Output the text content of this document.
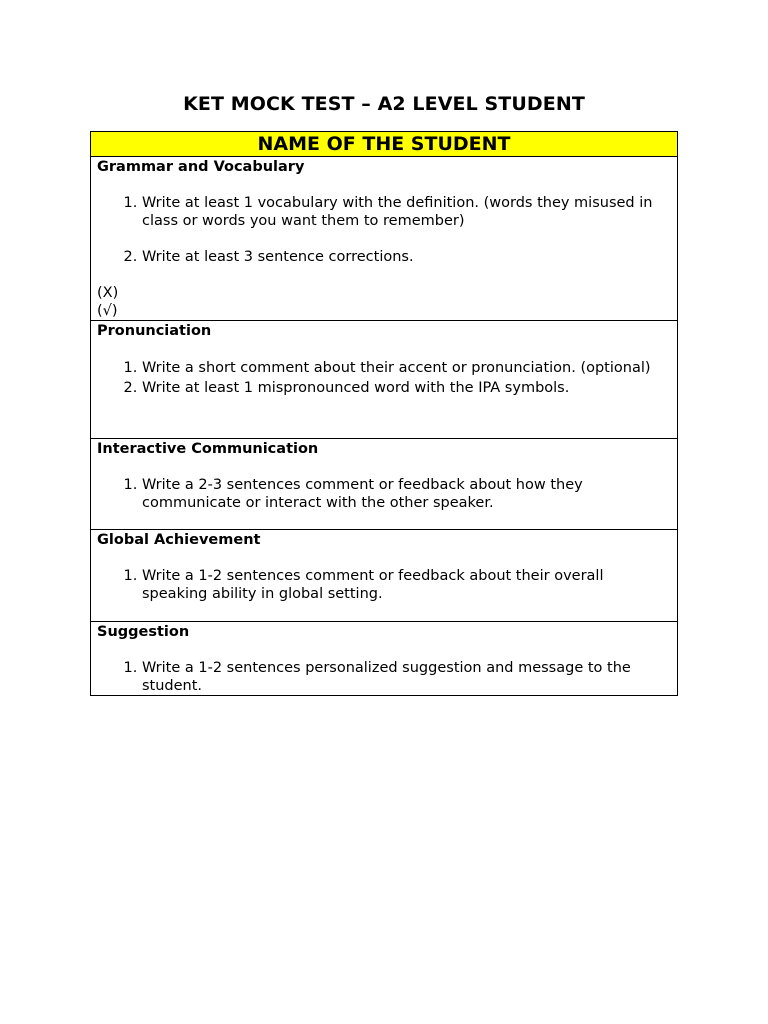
KET MOCK TEST – A2 LEVEL STUDENT
NAME OF THE STUDENT

Grammar and Vocabulary
1. Write at least 1 vocabulary with the definition. (words they misused in class or words you want them to remember)
2. Write at least 3 sentence corrections.
(X)
(√)

Pronunciation
1. Write a short comment about their accent or pronunciation. (optional)
2. Write at least 1 mispronounced word with the IPA symbols.

Interactive Communication
1. Write a 2-3 sentences comment or feedback about how they communicate or interact with the other speaker.

Global Achievement
1. Write a 1-2 sentences comment or feedback about their overall speaking ability in global setting.

Suggestion
1. Write a 1-2 sentences personalized suggestion and message to the student.
